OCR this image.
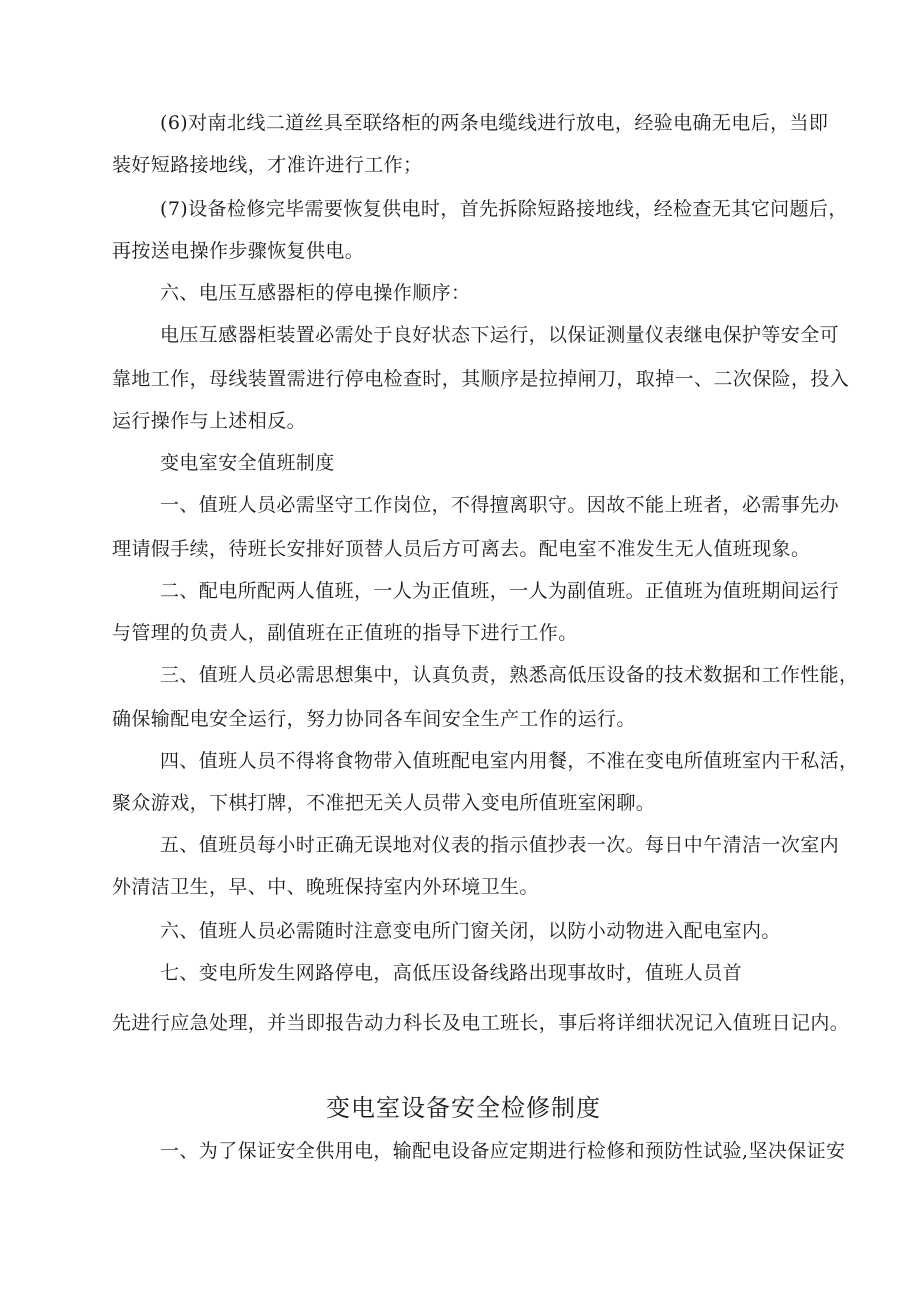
(6)对南北线二道丝具至联络柜的两条电缆线进行放电，经验电确无电后，当即
装好短路接地线，才准许进行工作；
(7)设备检修完毕需要恢复供电时，首先拆除短路接地线，经检查无其它问题后，
再按送电操作步骤恢复供电。
六、电压互感器柜的停电操作顺序：
电压互感器柜装置必需处于良好状态下运行，以保证测量仪表继电保护等安全可
靠地工作，母线装置需进行停电检查时，其顺序是拉掉闸刀，取掉一、二次保险，投入
运行操作与上述相反。
变电室安全值班制度
一、值班人员必需坚守工作岗位，不得擅离职守。因故不能上班者，必需事先办
理请假手续，待班长安排好顶替人员后方可离去。配电室不准发生无人值班现象。
二、配电所配两人值班，一人为正值班，一人为副值班。正值班为值班期间运行
与管理的负责人，副值班在正值班的指导下进行工作。
三、值班人员必需思想集中，认真负责，熟悉高低压设备的技术数据和工作性能，
确保输配电安全运行，努力协同各车间安全生产工作的运行。
四、值班人员不得将食物带入值班配电室内用餐，不准在变电所值班室内干私活，
聚众游戏，下棋打牌，不准把无关人员带入变电所值班室闲聊。
五、值班员每小时正确无误地对仪表的指示值抄表一次。每日中午清洁一次室内
外清洁卫生，早、中、晚班保持室内外环境卫生。
六、值班人员必需随时注意变电所门窗关闭，以防小动物进入配电室内。
七、变电所发生网路停电，高低压设备线路出现事故时，值班人员首
先进行应急处理，并当即报告动力科长及电工班长，事后将详细状况记入值班日记内。
变电室设备安全检修制度
一、为了保证安全供用电，输配电设备应定期进行检修和预防性试验,坚决保证安
